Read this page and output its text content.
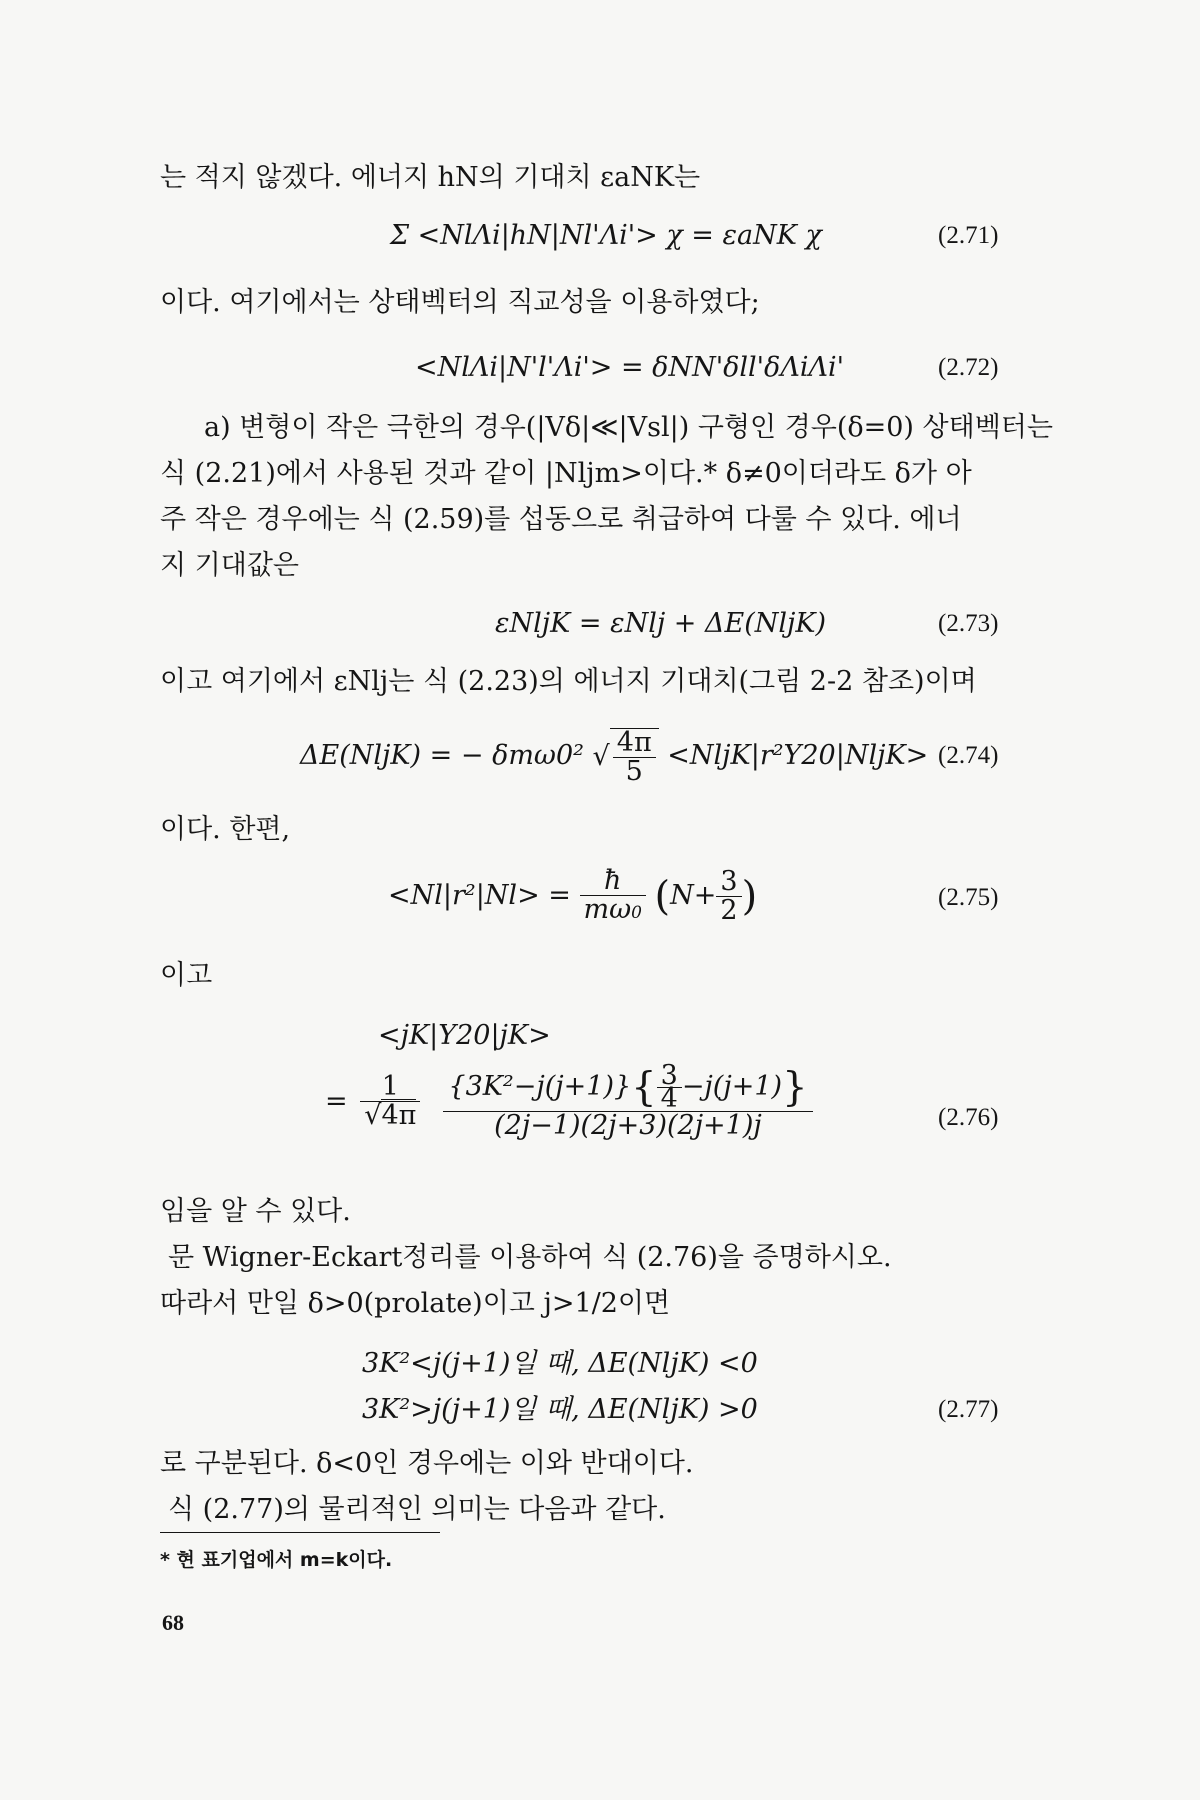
는 적지 않겠다. 에너지 hN의 기대치 εaNK는
Σ <NlΛi|hN|Nl'Λi'> χ = εaNK χ	(2.71)
이다. 여기에서는 상태벡터의 직교성을 이용하였다;
<NlΛi|N'l'Λi'> = δNN'δll'δΛiΛi'	(2.72)
a) 변형이 작은 극한의 경우(|Vδ|≪|Vsl|) 구형인 경우(δ=0) 상태벡터는
식 (2.21)에서 사용된 것과 같이 |Nljm>이다.* δ≠0이더라도 δ가 아
주 작은 경우에는 식 (2.59)를 섭동으로 취급하여 다룰 수 있다. 에너
지 기대값은
εNljK = εNlj + ΔE(NljK)	(2.73)
이고 여기에서 εNlj는 식 (2.23)의 에너지 기대치(그림 2-2 참조)이며
ΔE(NljK) = − δmω0² √ $\frac{4\pi}{5}$ <NljK|r²Y20|NljK> (2.74)
이다. 한편,
$<Nl|r^2|Nl> = \frac{ħ}{m\omega 0} (N+ \frac{3}{2}$ )	(2.75)
이고
<jK|Y20|jK>
= $\frac{1}{√4\pi}$
$\frac{\{3K^2-j(j+1)\}\{ \frac{3}{4} -j(j+1)\}}{(2j-1)(2j+3)(2j+1)j}$	(2.76)
임을 알 수 있다.
문 Wigner-Eckart정리를 이용하여 식 (2.76)을 증명하시오.
따라서 만일 δ>0(prolate)이고 j>1/2이면
3K²<j(j+1)일 때, ΔE(NljK) <0
3K²>j(j+1)일 때, ΔE(NljK) >0	(2.77)
로 구분된다. δ<0인 경우에는 이와 반대이다.
식 (2.77)의 물리적인 의미는 다음과 같다.
* 현 표기업에서 m=k이다.
68
